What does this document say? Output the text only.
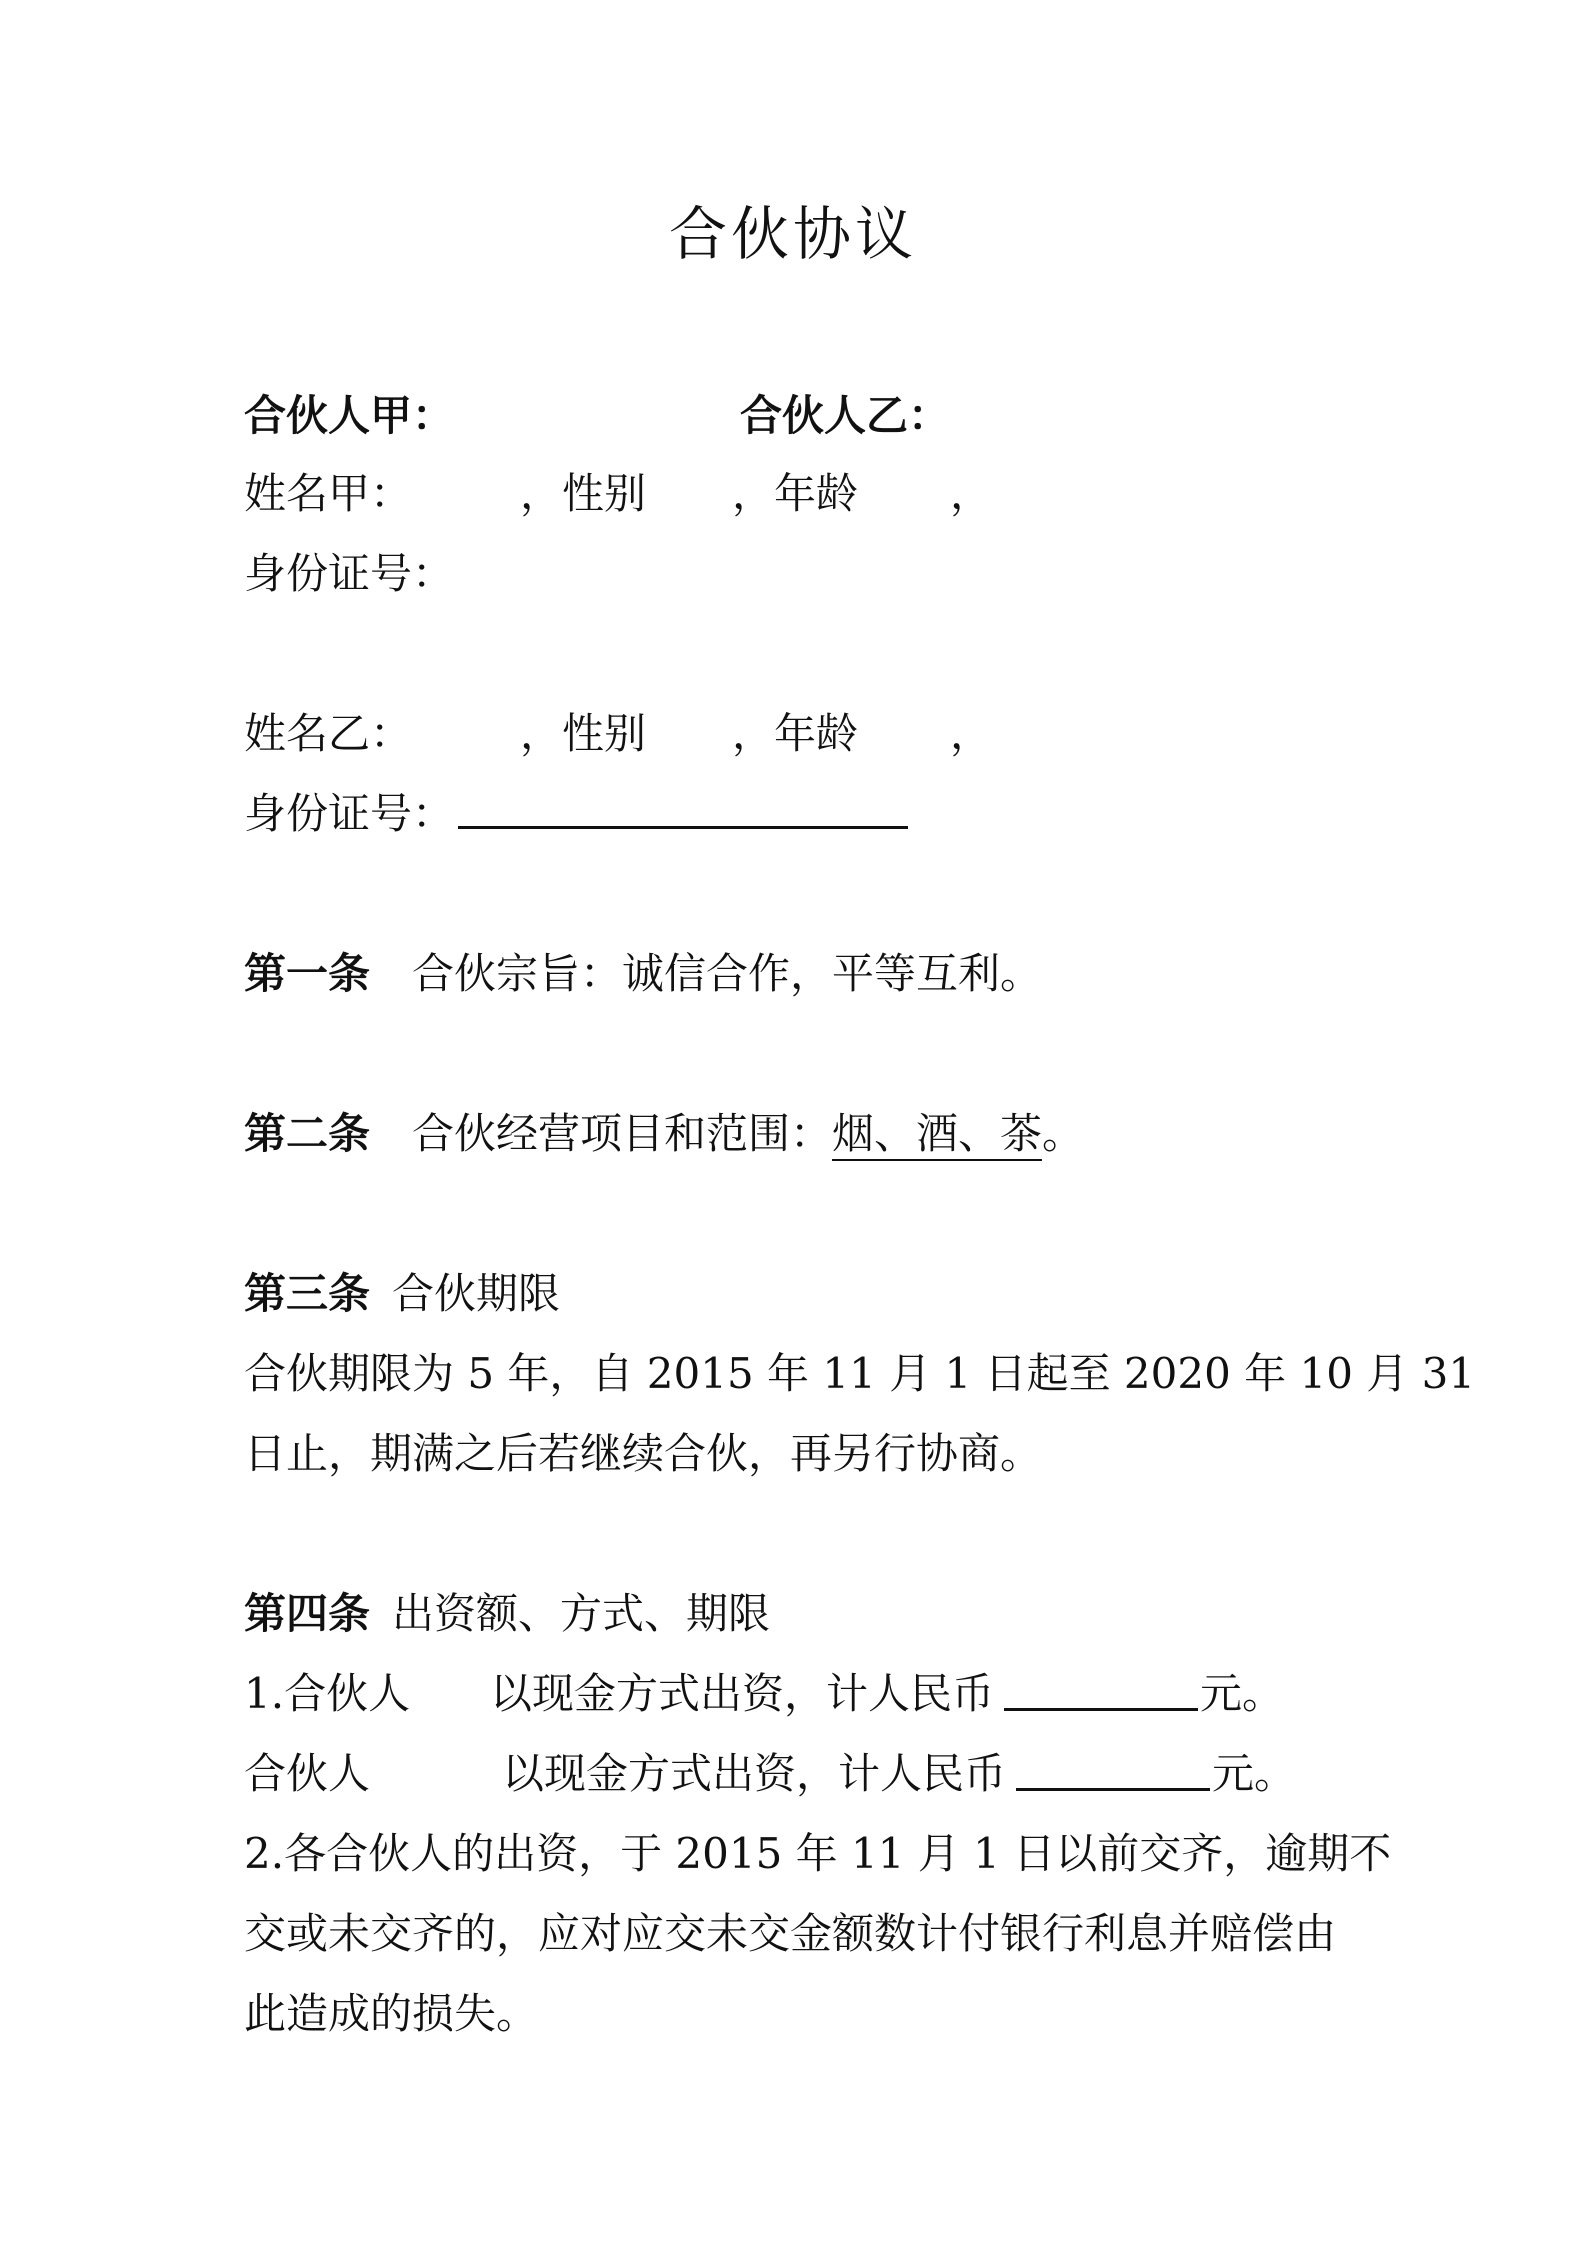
合伙协议
合伙人甲：	合伙人乙：
姓名甲：	，性别 ，年龄 ，
身份证号：
姓名乙：	，性别 ，年龄 ，
身份证号：
第一条 合伙宗旨：诚信合作，平等互利。
第二条 合伙经营项目和范围：烟、酒、茶。
第三条 合伙期限
合伙期限为 5 年，自 2015 年 11 月 1 日起至 2020 年 10 月 31
日止，期满之后若继续合伙，再另行协商。
第四条 出资额、方式、期限
1.合伙人 以现金方式出资，计人民币	元。
合伙人	以现金方式出资，计人民币	元。
2.各合伙人的出资，于 2015 年 11 月 1 日以前交齐，逾期不
交或未交齐的，应对应交未交金额数计付银行利息并赔偿由
此造成的损失。
